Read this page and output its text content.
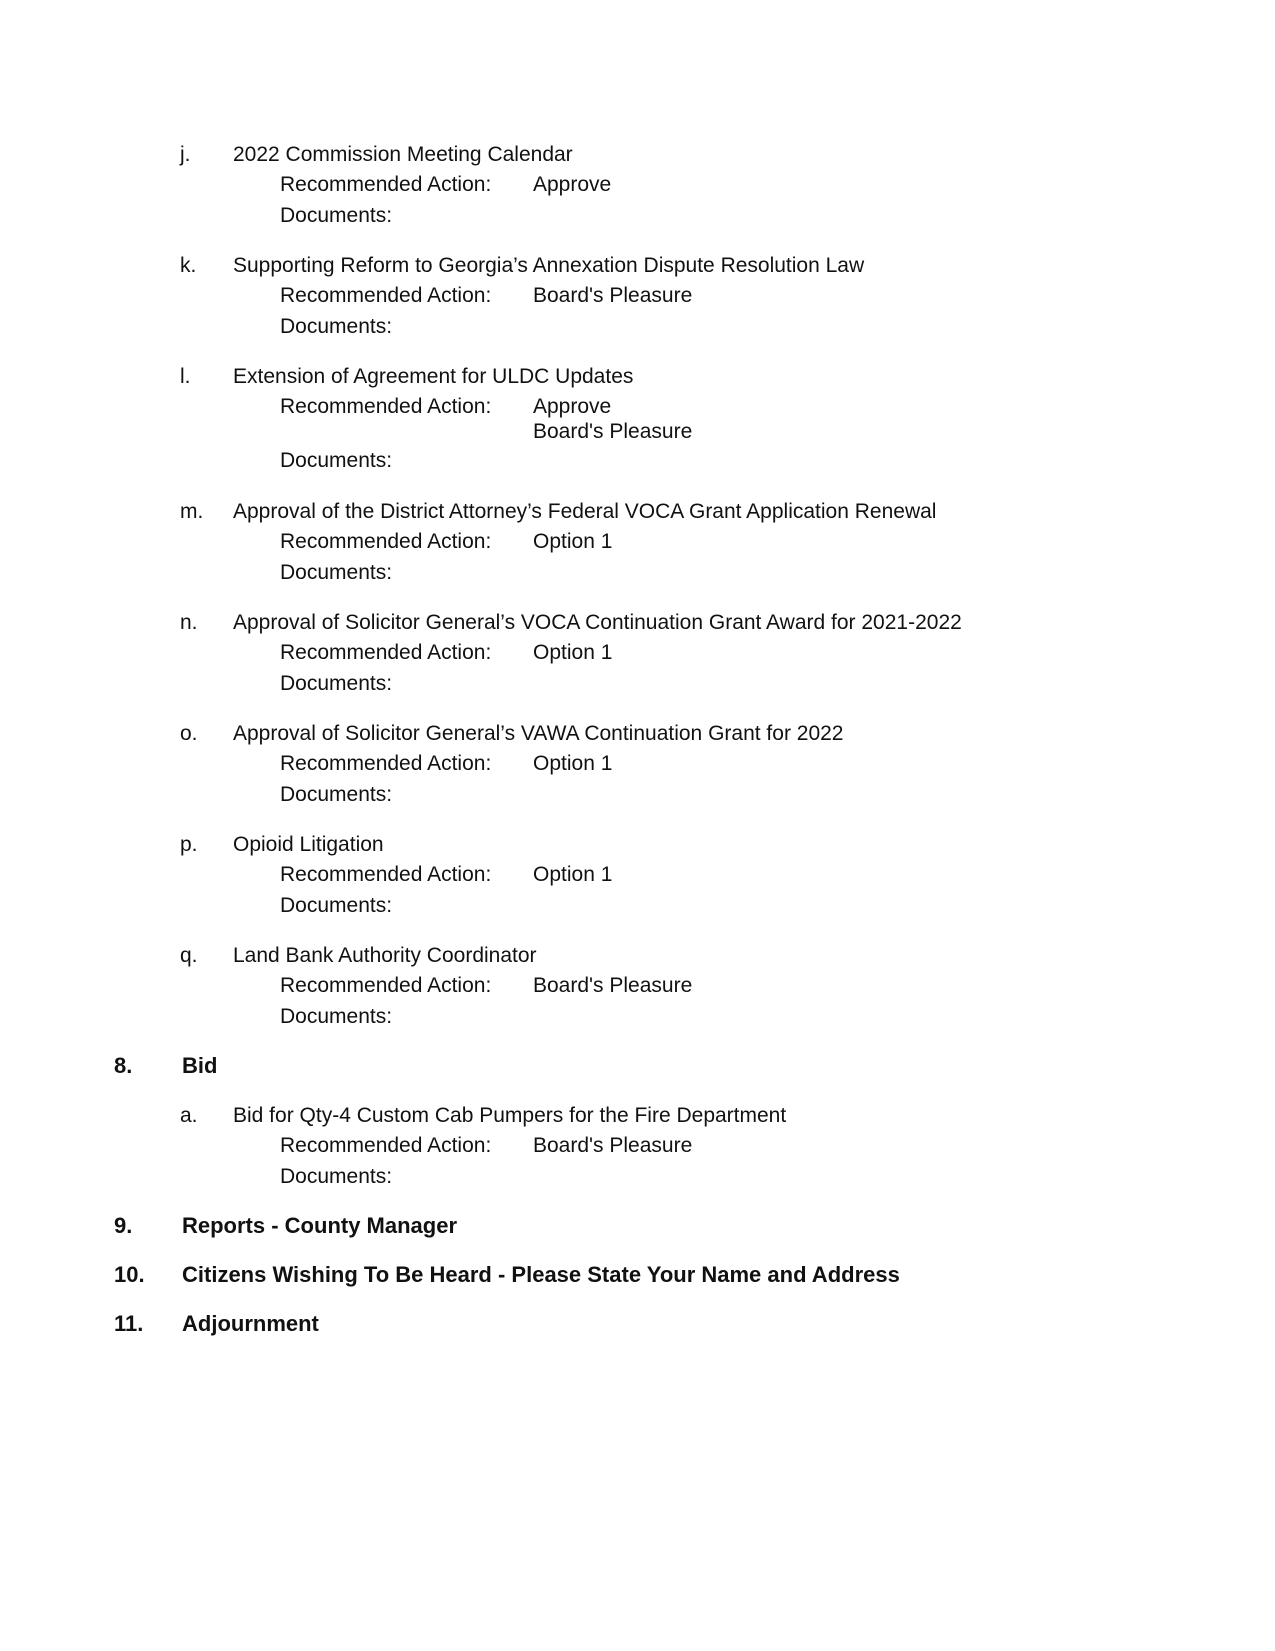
j. 2022 Commission Meeting Calendar
Recommended Action: Approve
Documents:
k. Supporting Reform to Georgia’s Annexation Dispute Resolution Law
Recommended Action: Board's Pleasure
Documents:
l. Extension of Agreement for ULDC Updates
Recommended Action: Approve
Board's Pleasure
Documents:
m. Approval of the District Attorney’s Federal VOCA Grant Application Renewal
Recommended Action: Option 1
Documents:
n. Approval of Solicitor General’s VOCA Continuation Grant Award for 2021-2022
Recommended Action: Option 1
Documents:
o. Approval of Solicitor General’s VAWA Continuation Grant for 2022
Recommended Action: Option 1
Documents:
p. Opioid Litigation
Recommended Action: Option 1
Documents:
q. Land Bank Authority Coordinator
Recommended Action: Board's Pleasure
Documents:
8. Bid
a. Bid for Qty-4 Custom Cab Pumpers for the Fire Department
Recommended Action: Board's Pleasure
Documents:
9. Reports - County Manager
10. Citizens Wishing To Be Heard - Please State Your Name and Address
11. Adjournment
